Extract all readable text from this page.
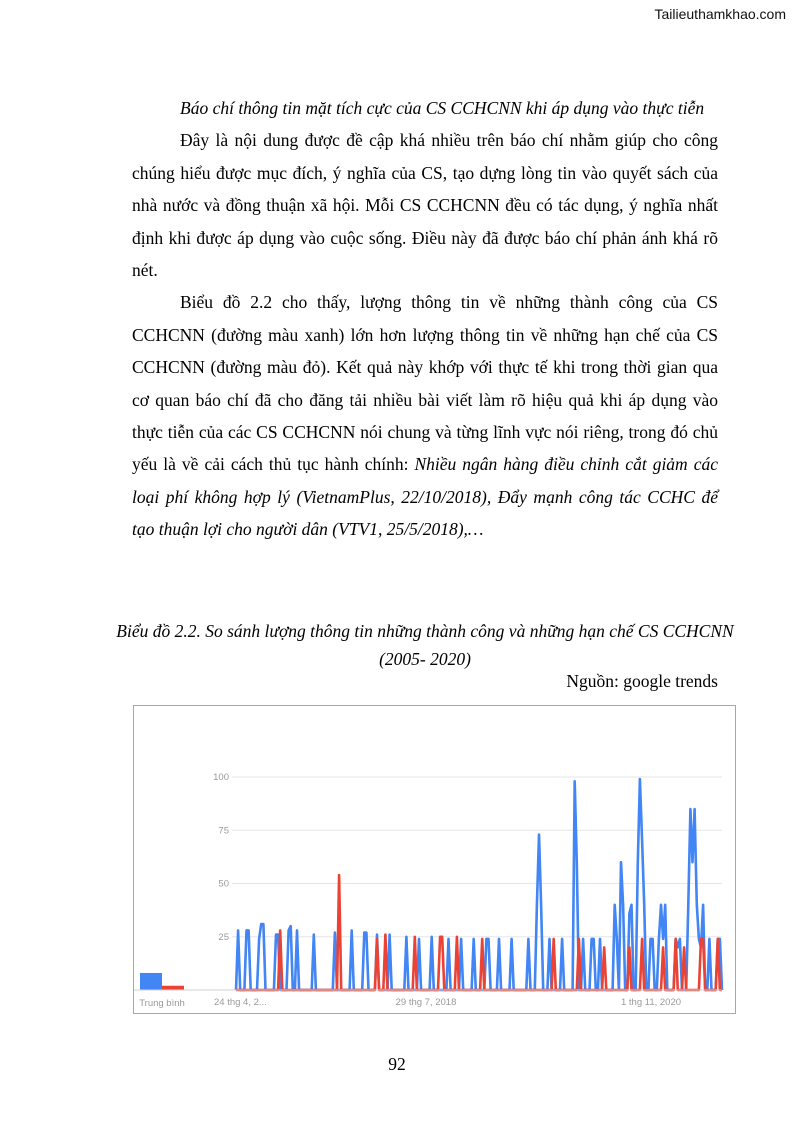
Tailieuthamkhao.com

Báo chí thông tin mặt tích cực của CS CCHCNN khi áp dụng vào thực tiễn

Đây là nội dung được đề cập khá nhiều trên báo chí nhằm giúp cho công chúng hiểu được mục đích, ý nghĩa của CS, tạo dựng lòng tin vào quyết sách của nhà nước và đồng thuận xã hội. Mỗi CS CCHCNN đều có tác dụng, ý nghĩa nhất định khi được áp dụng vào cuộc sống. Điều này đã được báo chí phản ánh khá rõ nét.

Biểu đồ 2.2 cho thấy, lượng thông tin về những thành công của CS CCHCNN (đường màu xanh) lớn hơn lượng thông tin về những hạn chế của CS CCHCNN (đường màu đỏ). Kết quả này khớp với thực tế khi trong thời gian qua cơ quan báo chí đã cho đăng tải nhiều bài viết làm rõ hiệu quả khi áp dụng vào thực tiễn của các CS CCHCNN nói chung và từng lĩnh vực nói riêng, trong đó chủ yếu là về cải cách thủ tục hành chính: Nhiều ngân hàng điều chỉnh cắt giảm các loại phí không hợp lý (VietnamPlus, 22/10/2018), Đẩy mạnh công tác CCHC để tạo thuận lợi cho người dân (VTV1, 25/5/2018),…

Biểu đồ 2.2. So sánh lượng thông tin những thành công và những hạn chế CS CCHCNN (2005- 2020)
Nguồn: google trends
25
50
75
100
Trung bình	24 thg 4, 2...	29 thg 7, 2018	1 thg 11, 2020
92
